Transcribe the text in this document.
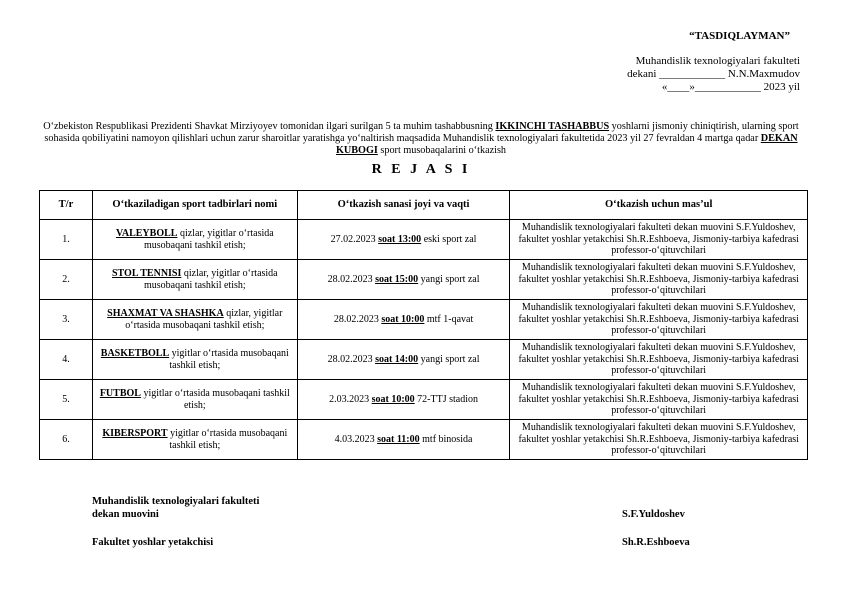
“TASDIQLAYMAN”
Muhandislik texnologiyalari fakulteti
dekani ____________ N.N.Maxmudov
«____»____________ 2023 yil
O‘zbekiston Respublikasi Prezidenti Shavkat Mirziyoyev tomonidan ilgari surilgan 5 ta muhim tashabbusning IKKINCHI TASHABBUS yoshlarni jismoniy chiniqtirish, ularning sport sohasida qobiliyatini namoyon qilishlari uchun zarur sharoitlar yaratishga yo‘naltirish maqsadida Muhandislik texnologiyalari fakultetida 2023 yil 27 fevraldan 4 martga qadar DEKAN KUBOGI sport musobaqalarini o‘tkazish
R E J A S I
T/r	O‘tkaziladigan sport tadbirlari nomi	O‘tkazish sanasi joyi va vaqti	O‘tkazish uchun mas’ul
1.	VALEYBOLL qizlar, yigitlar o‘rtasida musobaqani tashkil etish;	27.02.2023 soat 13:00 eski sport zal	Muhandislik texnologiyalari fakulteti dekan muovini S.F.Yuldoshev, fakultet yoshlar yetakchisi Sh.R.Eshboeva, Jismoniy-tarbiya kafedrasi professor-o‘qituvchilari
2.	STOL TENNISI qizlar, yigitlar o‘rtasida musobaqani tashkil etish;	28.02.2023 soat 15:00 yangi sport zal	Muhandislik texnologiyalari fakulteti dekan muovini S.F.Yuldoshev, fakultet yoshlar yetakchisi Sh.R.Eshboeva, Jismoniy-tarbiya kafedrasi professor-o‘qituvchilari
3.	SHAXMAT VA SHASHKA qizlar, yigitlar o‘rtasida musobaqani tashkil etish;	28.02.2023 soat 10:00 mtf 1-qavat	Muhandislik texnologiyalari fakulteti dekan muovini S.F.Yuldoshev, fakultet yoshlar yetakchisi Sh.R.Eshboeva, Jismoniy-tarbiya kafedrasi professor-o‘qituvchilari
4.	BASKETBOLL yigitlar o‘rtasida musobaqani tashkil etish;	28.02.2023 soat 14:00 yangi sport zal	Muhandislik texnologiyalari fakulteti dekan muovini S.F.Yuldoshev, fakultet yoshlar yetakchisi Sh.R.Eshboeva, Jismoniy-tarbiya kafedrasi professor-o‘qituvchilari
5.	FUTBOL yigitlar o‘rtasida musobaqani tashkil etish;	2.03.2023 soat 10:00 72-TTJ stadion	Muhandislik texnologiyalari fakulteti dekan muovini S.F.Yuldoshev, fakultet yoshlar yetakchisi Sh.R.Eshboeva, Jismoniy-tarbiya kafedrasi professor-o‘qituvchilari
6.	KIBERSPORT yigitlar o‘rtasida musobaqani tashkil etish;	4.03.2023 soat 11:00 mtf binosida	Muhandislik texnologiyalari fakulteti dekan muovini S.F.Yuldoshev, fakultet yoshlar yetakchisi Sh.R.Eshboeva, Jismoniy-tarbiya kafedrasi professor-o‘qituvchilari
Muhandislik texnologiyalari fakulteti
dekan muovini	S.F.Yuldoshev
Fakultet yoshlar yetakchisi	Sh.R.Eshboeva
